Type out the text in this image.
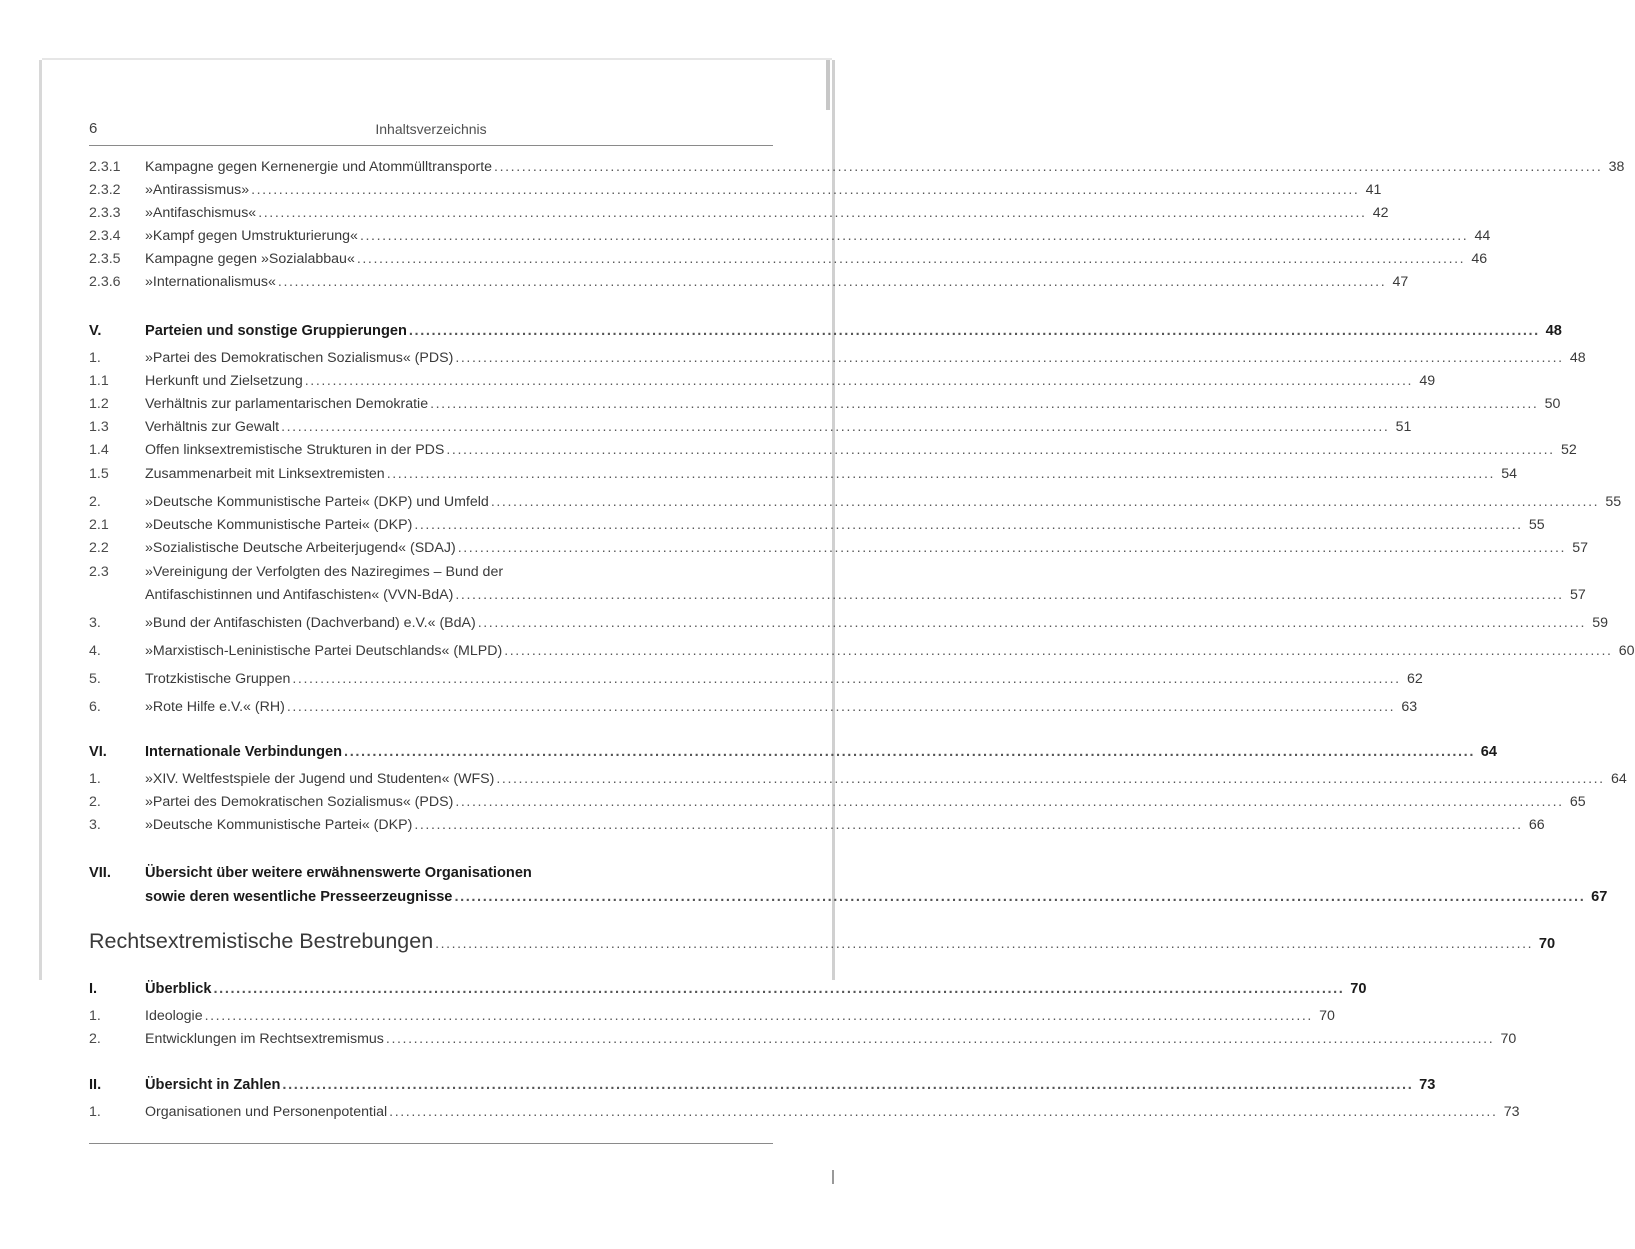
6	Inhaltsverzeichnis
2.3.1	Kampagne gegen Kernenergie und Atommülltransporte ........................................................................................................................................................................................................ 38
2.3.2	»Antirassismus» ........................................................................................................................................................................................................ 41
2.3.3	»Antifaschismus« ........................................................................................................................................................................................................ 42
2.3.4	»Kampf gegen Umstrukturierung« ........................................................................................................................................................................................................ 44
2.3.5	Kampagne gegen »Sozialabbau« ........................................................................................................................................................................................................ 46
2.3.6	»Internationalismus« ........................................................................................................................................................................................................ 47
V.	Parteien und sonstige Gruppierungen ........................................................................................................................................................................................................ 48
1.	»Partei des Demokratischen Sozialismus« (PDS) ........................................................................................................................................................................................................ 48
1.1	Herkunft und Zielsetzung ........................................................................................................................................................................................................ 49
1.2	Verhältnis zur parlamentarischen Demokratie ........................................................................................................................................................................................................ 50
1.3	Verhältnis zur Gewalt ........................................................................................................................................................................................................ 51
1.4	Offen linksextremistische Strukturen in der PDS ........................................................................................................................................................................................................ 52
1.5	Zusammenarbeit mit Linksextremisten ........................................................................................................................................................................................................ 54
2.	»Deutsche Kommunistische Partei« (DKP) und Umfeld ........................................................................................................................................................................................................ 55
2.1	»Deutsche Kommunistische Partei« (DKP) ........................................................................................................................................................................................................ 55
2.2	»Sozialistische Deutsche Arbeiterjugend« (SDAJ) ........................................................................................................................................................................................................ 57
2.3	»Vereinigung der Verfolgten des Naziregimes – Bund der
Antifaschistinnen und Antifaschisten« (VVN-BdA) ........................................................................................................................................................................................................ 57
3.	»Bund der Antifaschisten (Dachverband) e.V.« (BdA) ........................................................................................................................................................................................................ 59
4.	»Marxistisch-Leninistische Partei Deutschlands« (MLPD) ........................................................................................................................................................................................................ 60
5.	Trotzkistische Gruppen ........................................................................................................................................................................................................ 62
6.	»Rote Hilfe e.V.« (RH) ........................................................................................................................................................................................................ 63
VI.	Internationale Verbindungen ........................................................................................................................................................................................................ 64
1.	»XIV. Weltfestspiele der Jugend und Studenten« (WFS) ........................................................................................................................................................................................................ 64
2.	»Partei des Demokratischen Sozialismus« (PDS) ........................................................................................................................................................................................................ 65
3.	»Deutsche Kommunistische Partei« (DKP) ........................................................................................................................................................................................................ 66
VII.	Übersicht über weitere erwähnenswerte Organisationen
sowie deren wesentliche Presseerzeugnisse ........................................................................................................................................................................................................ 67
Rechtsextremistische Bestrebungen ........................................................................................................................................................................................................ 70
I.	Überblick ........................................................................................................................................................................................................ 70
1.	Ideologie ........................................................................................................................................................................................................ 70
2.	Entwicklungen im Rechtsextremismus ........................................................................................................................................................................................................ 70
II.	Übersicht in Zahlen ........................................................................................................................................................................................................ 73
1.	Organisationen und Personenpotential ........................................................................................................................................................................................................ 73
